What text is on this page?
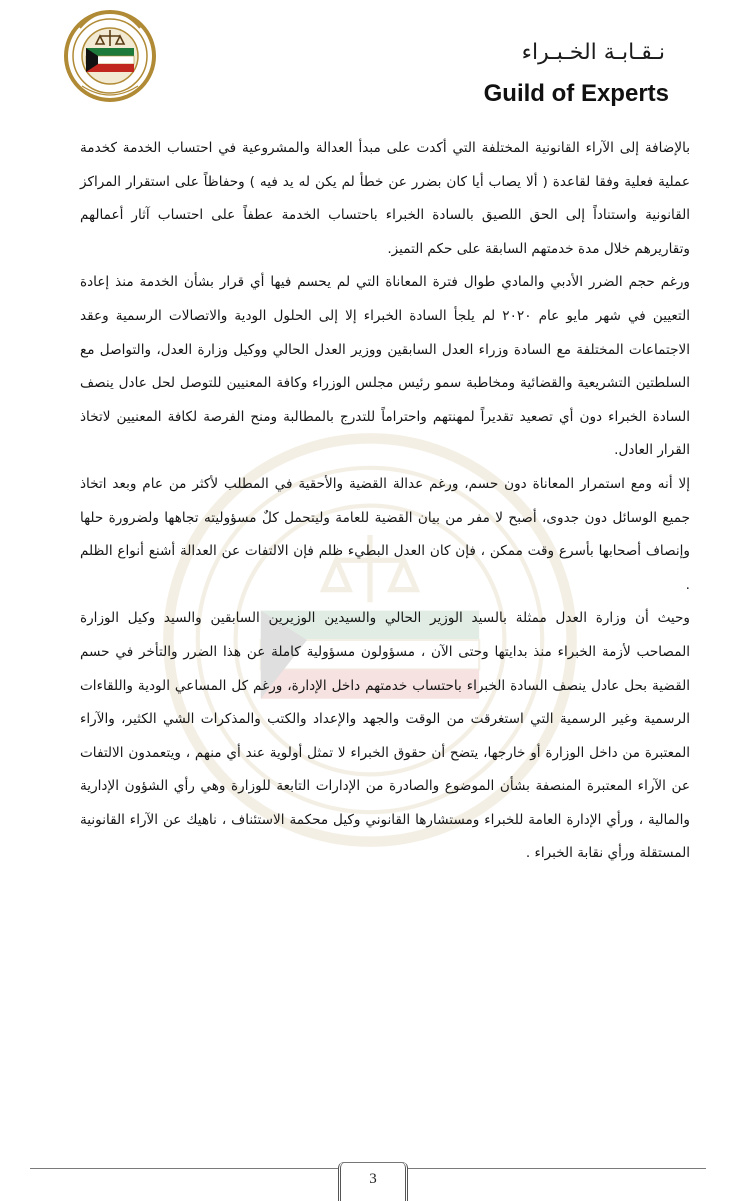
نـقـابـة الخـبـراء
Guild of Experts

بالإضافة إلى الآراء القانونية المختلفة التي أكدت على مبدأ العدالة والمشروعية في احتساب الخدمة كخدمة عملية فعلية وفقا لقاعدة ( ألا يصاب أيا كان بضرر عن خطأ لم يكن له يد فيه ) وحفاظاً على استقرار المراكز القانونية واستناداً إلى الحق اللصيق بالسادة الخبراء باحتساب الخدمة عطفاً على احتساب آثار أعمالهم وتقاريرهم خلال مدة خدمتهم السابقة على حكم التميز.

ورغم حجم الضرر الأدبي والمادي طوال فترة المعاناة التي لم يحسم فيها أي قرار بشأن الخدمة منذ إعادة التعيين في شهر مايو عام ٢٠٢٠ لم يلجأ السادة الخبراء إلا إلى الحلول الودية والاتصالات الرسمية وعقد الاجتماعات المختلفة مع السادة وزراء العدل السابقين ووزير العدل الحالي ووكيل وزارة العدل، والتواصل مع السلطتين التشريعية والقضائية ومخاطبة سمو رئيس مجلس الوزراء وكافة المعنيين للتوصل لحل عادل ينصف السادة الخبراء دون أي تصعيد تقديراً لمهنتهم واحتراماً للتدرج بالمطالبة ومنح الفرصة لكافة المعنيين لاتخاذ القرار العادل.

إلا أنه ومع استمرار المعاناة دون حسم، ورغم عدالة القضية والأحقية في المطلب لأكثر من عام وبعد اتخاذ جميع الوسائل دون جدوى، أصبح لا مفر من بيان القضية للعامة وليتحمل كلٌ مسؤوليته تجاهها ولضرورة حلها وإنصاف أصحابها بأسرع وقت ممكن ، فإن كان العدل البطيء ظلم فإن الالتفات عن العدالة أشنع أنواع الظلم .

وحيث أن وزارة العدل ممثلة بالسيد الوزير الحالي والسيدين الوزيرين السابقين والسيد وكيل الوزارة المصاحب لأزمة الخبراء منذ بدايتها وحتى الآن ، مسؤولون مسؤولية كاملة عن هذا الضرر والتأخر في حسم القضية بحل عادل ينصف السادة الخبراء باحتساب خدمتهم داخل الإدارة، ورغم كل المساعي الودية واللقاءات الرسمية وغير الرسمية التي استغرقت من الوقت والجهد والإعداد والكتب والمذكرات الشي الكثير، والآراء المعتبرة من داخل الوزارة أو خارجها، يتضح أن حقوق الخبراء لا تمثل أولوية عند أي منهم ، ويتعمدون الالتفات عن الآراء المعتبرة المنصفة بشأن الموضوع والصادرة من الإدارات التابعة للوزارة وهي رأي الشؤون الإدارية والمالية ، ورأي الإدارة العامة للخبراء ومستشارها القانوني وكيل محكمة الاستئناف ، ناهيك عن الآراء القانونية المستقلة ورأي نقابة الخبراء .

3
